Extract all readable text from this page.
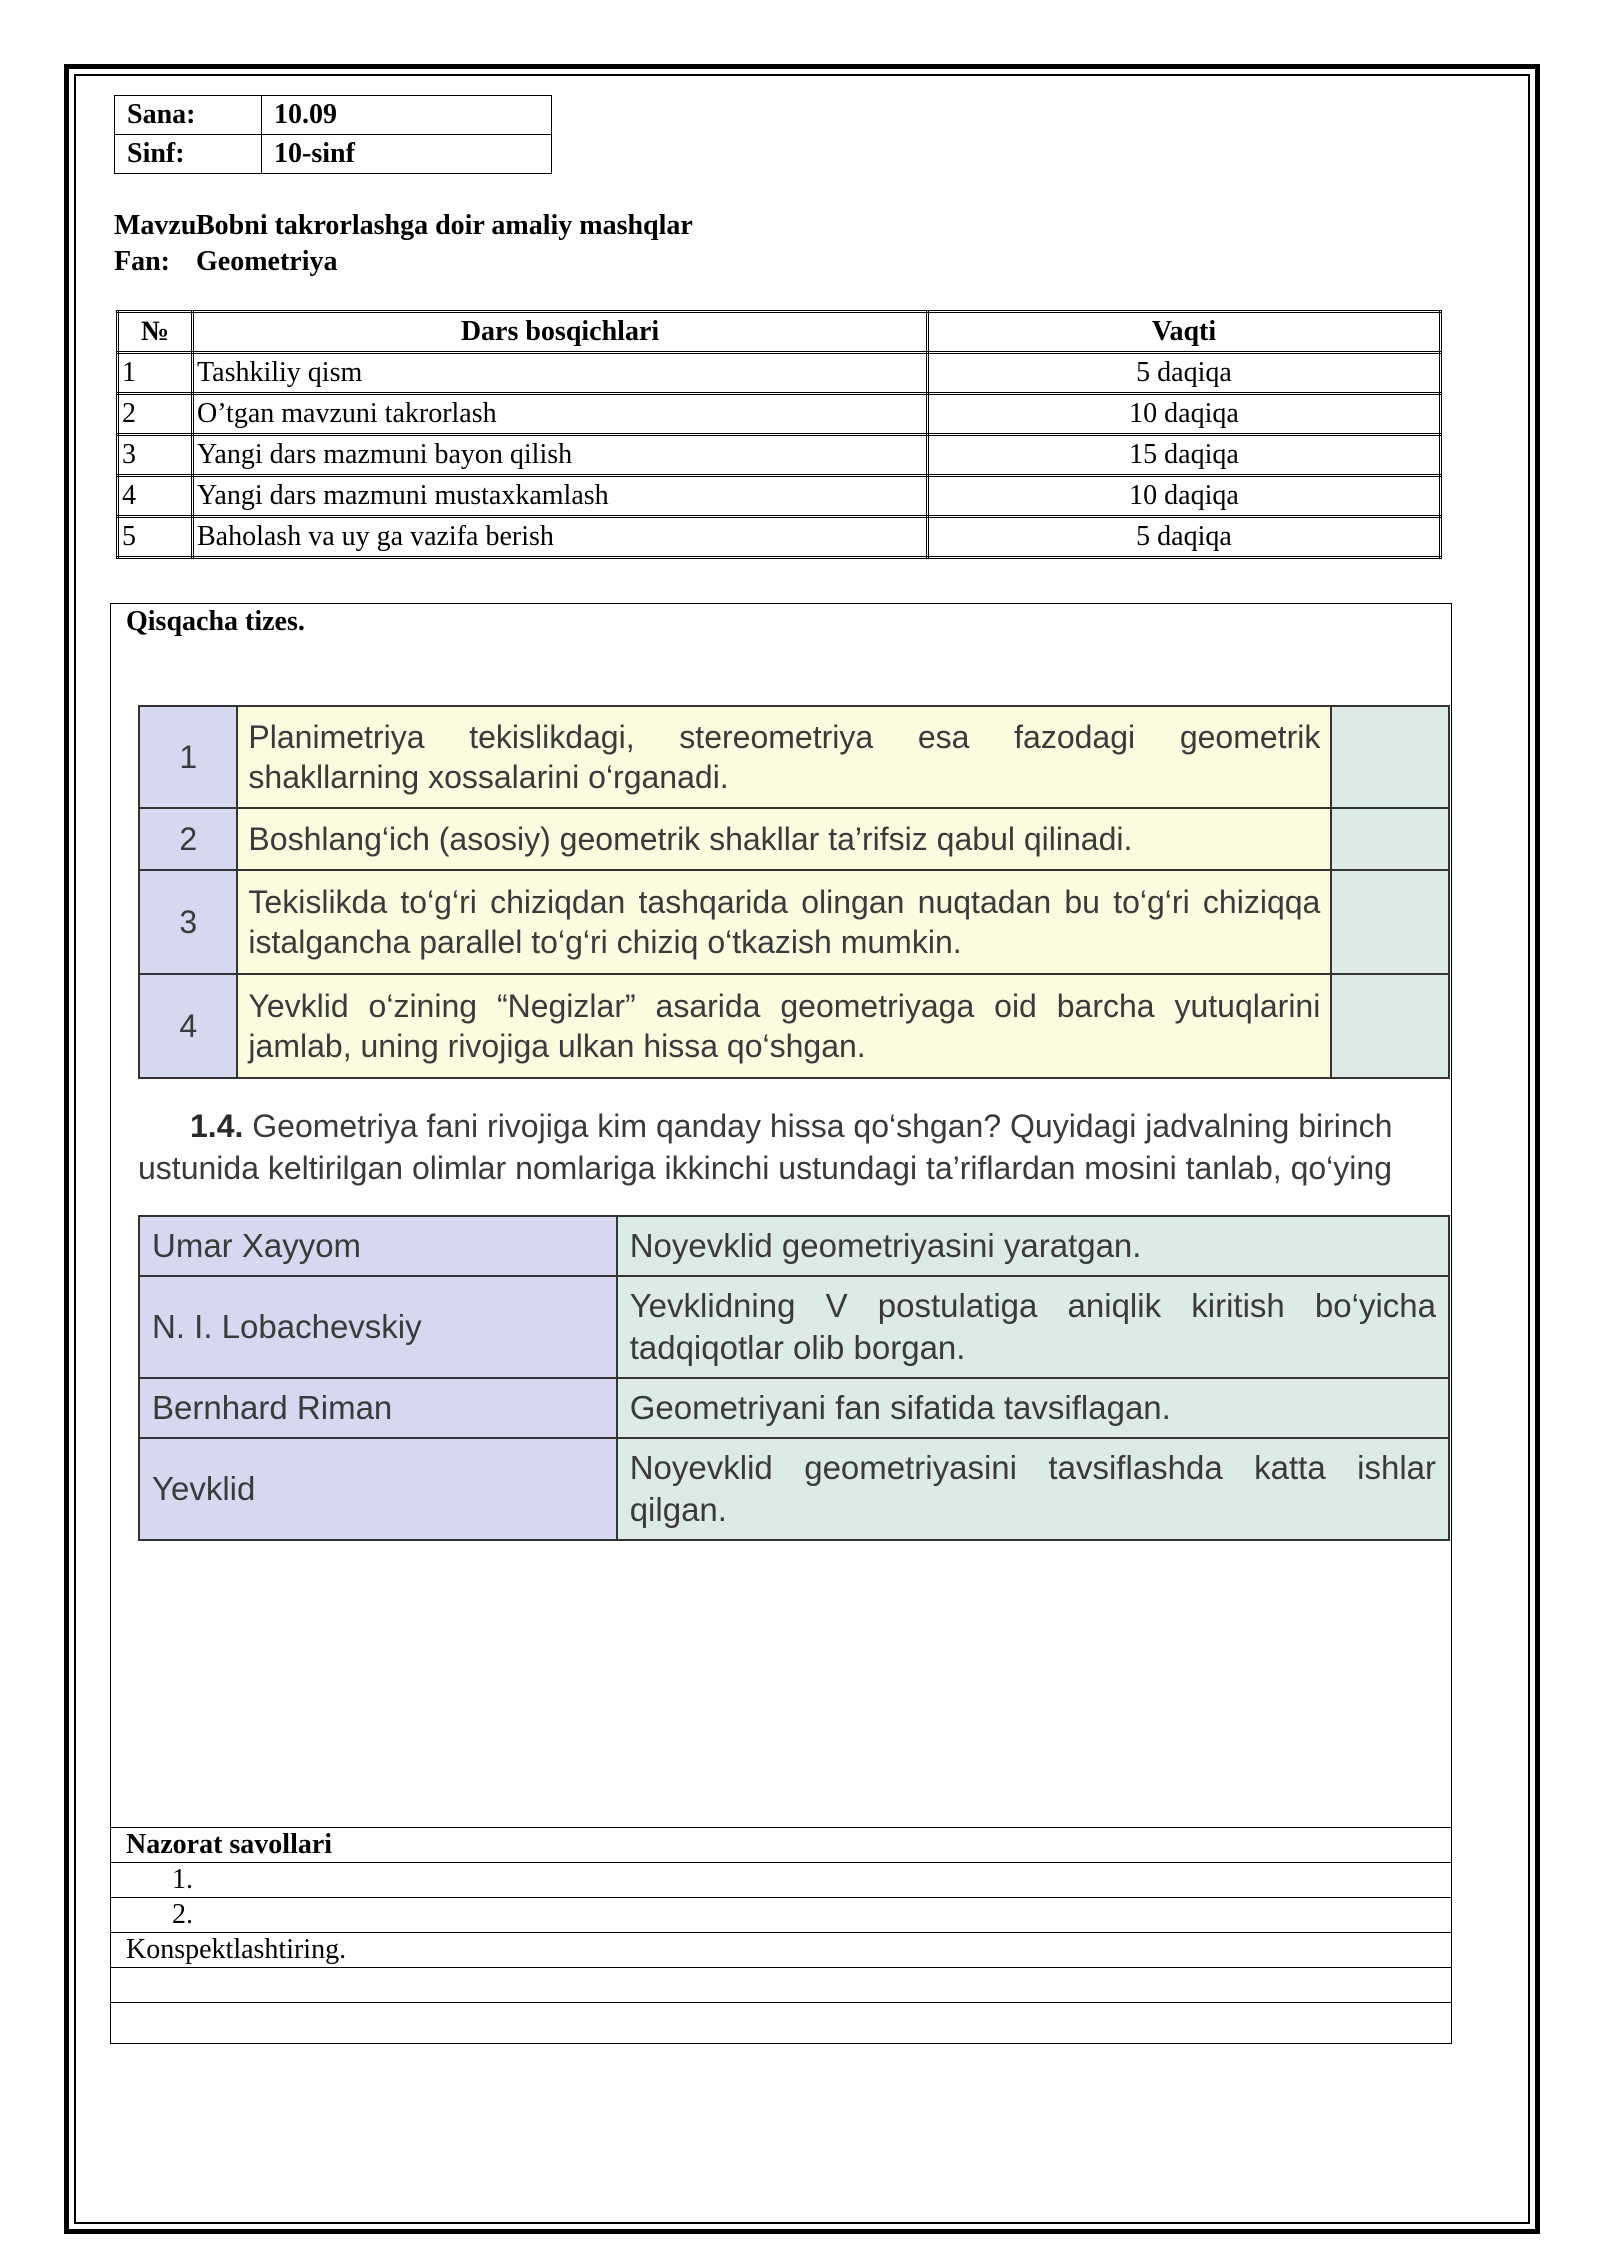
Sana:	10.09
Sinf:	10-sinf
Mavzu:Bobni takrorlashga doir amaliy mashqlar
Fan: Geometriya
№	Dars bosqichlari	Vaqti
1	Tashkiliy qism	5 daqiqa
2	O’tgan mavzuni takrorlash	10 daqiqa
3	Yangi dars mazmuni bayon qilish	15 daqiqa
4	Yangi dars mazmuni mustaxkamlash	10 daqiqa
5	Baholash va uy ga vazifa berish	5 daqiqa
Qisqacha tizes.
1	Planimetriya tekislikdagi, stereometriya esa fazodagi geometrik shakllarning xossalarini o‘rganadi.	
2	Boshlang‘ich (asosiy) geometrik shakllar ta’rifsiz qabul qilinadi.	
3	Tekislikda to‘g‘ri chiziqdan tashqarida olingan nuqtadan bu to‘g‘ri chiziqqa istalgancha parallel to‘g‘ri chiziq o‘tkazish mumkin.	
4	Yevklid o‘zining “Negizlar” asarida geometriyaga oid barcha yutuqlarini jamlab, uning rivojiga ulkan hissa qo‘shgan.	
1.4. Geometriya fani rivojiga kim qanday hissa qo‘shgan? Quyidagi jadvalning birinch
ustunida keltirilgan olimlar nomlariga ikkinchi ustundagi ta’riflardan mosini tanlab, qo‘ying
Umar Xayyom	Noyevklid geometriyasini yaratgan.
N. I. Lobachevskiy	Yevklidning V postulatiga aniqlik kiritish bo‘yicha tadqiqotlar olib borgan.
Bernhard Riman	Geometriyani fan sifatida tavsiflagan.
Yevklid	Noyevklid geometriyasini tavsiflashda katta ishlar qilgan.
Nazorat savollari
1.
2.
Konspektlashtiring.
